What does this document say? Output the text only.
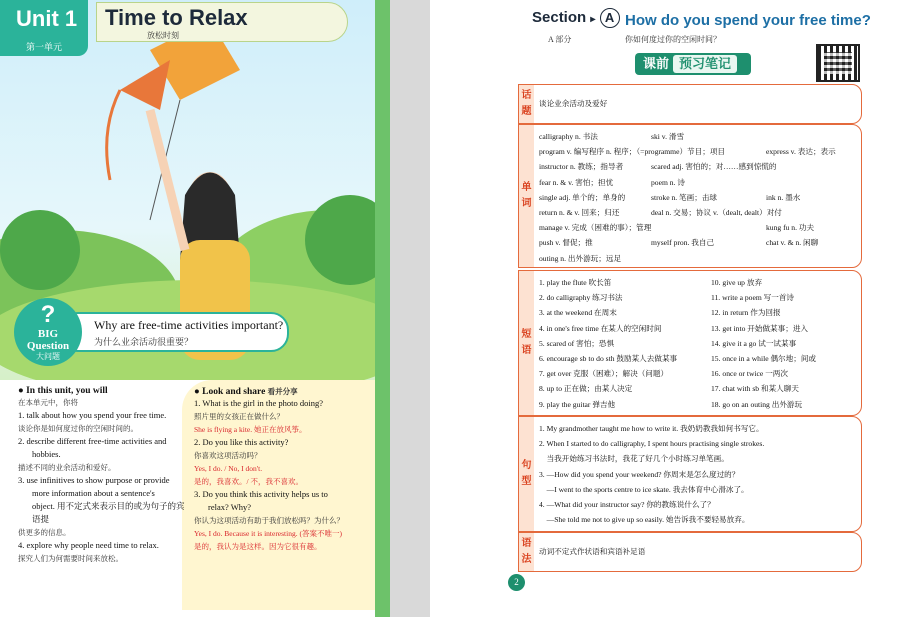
Unit 1
第一单元
Time to Relax
放松时刻
Why are free-time activities important?
为什么业余活动很重要？
?
BIG
Question
大问题
● In this unit, you will
在本单元中，你将
1. talk about how you spend your free time.
谈论你是如何度过你的空闲时间的。
2. describe different free-time activities and
hobbies.
描述不同的业余活动和爱好。
3. use infinitives to show purpose or provide
more information about a sentence's
object. 用不定式来表示目的或为句子的宾语提
供更多的信息。
4. explore why people need time to relax.
探究人们为何需要时间来放松。
● Look and share 看并分享
1. What is the girl in the photo doing?
照片里的女孩正在做什么？
She is flying a kite. 她正在放风筝。
2. Do you like this activity?
你喜欢这项活动吗？
Yes, I do. / No, I don't.
是的，我喜欢。/ 不，我不喜欢。
3. Do you think this activity helps us to
relax? Why?
你认为这项活动有助于我们放松吗？为什么？
Yes, I do. Because it is interesting. (答案不唯一)
是的，我认为是这样。因为它很有趣。
Section ▸ A
A 部分
How do you spend your free time?
你如何度过你的空闲时间？
课前 预习笔记
话
题
谈论业余活动及爱好
单
词
calligraphy n. 书法	ski v. 滑雪
program v. 编写程序 n. 程序；（=programme）节目；项目	express v. 表达；表示
instructor n. 教练；指导者	scared adj. 害怕的；对……感到惊慌的
fear n. & v. 害怕；担忧	poem n. 诗
single adj. 单个的；单身的	stroke n. 笔画；击球	ink n. 墨水
return n. & v. 回来；归还	deal n. 交易；协议 v.（dealt, dealt）对付
manage v. 完成（困难的事）；管理	kung fu n. 功夫
push v. 督促；推	myself pron. 我自己	chat v. & n. 闲聊
outing n. 出外游玩；远足
短
语
1. play the flute 吹长笛	10. give up 放弃
2. do calligraphy 练习书法	11. write a poem 写一首诗
3. at the weekend 在周末	12. in return 作为回报
4. in one's free time 在某人的空闲时间	13. get into 开始做某事；进入
5. scared of 害怕；恐惧	14. give it a go 试一试某事
6. encourage sb to do sth 鼓励某人去做某事	15. once in a while 偶尔地；间或
7. get over 克服（困难）；解决（问题）	16. once or twice 一两次
8. up to 正在做；由某人决定	17. chat with sb 和某人聊天
9. play the guitar 弹吉他	18. go on an outing 出外游玩
句
型
1. My grandmother taught me how to write it. 我奶奶教我如何书写它。
2. When I started to do calligraphy, I spent hours practising single strokes.
当我开始练习书法时，我花了好几个小时练习单笔画。
3. —How did you spend your weekend? 你周末是怎么度过的？
—I went to the sports centre to ice skate. 我去体育中心滑冰了。
4. —What did your instructor say? 你的教练说什么了？
—She told me not to give up so easily. 她告诉我不要轻易放弃。
语
法
动词不定式作状语和宾语补足语
2
